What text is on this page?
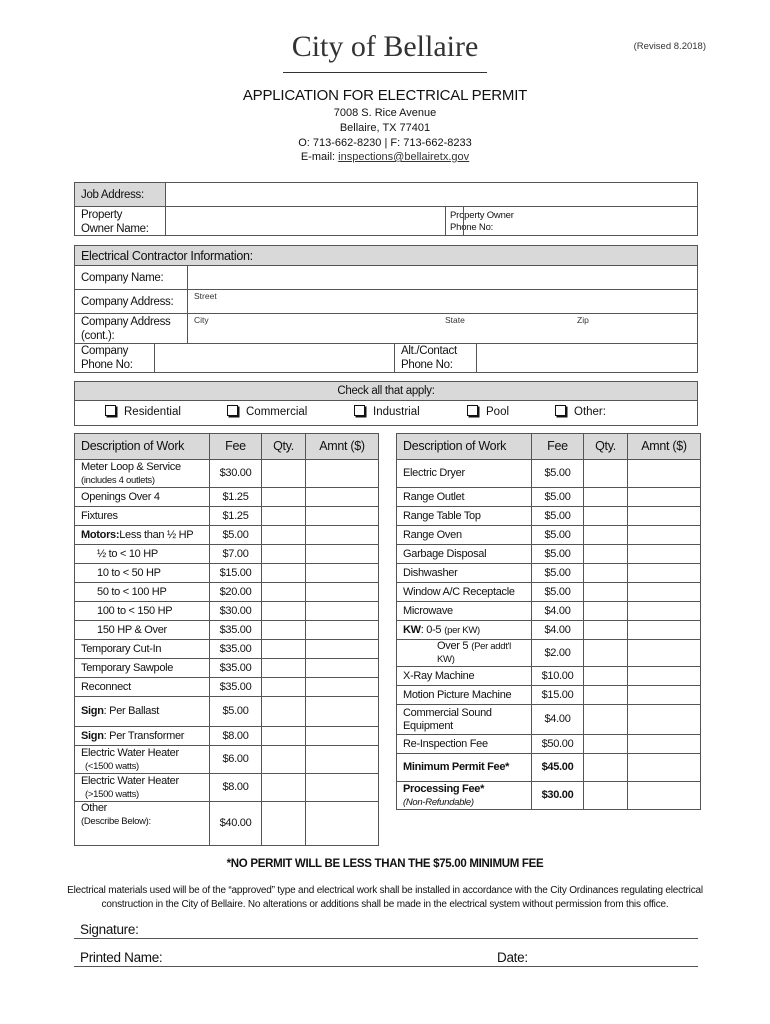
City of Bellaire	(Revised 8.2018)
APPLICATION FOR ELECTRICAL PERMIT
7008 S. Rice Avenue
Bellaire, TX 77401
O: 713-662-8230 | F: 713-662-8233
E-mail: inspections@bellairetx.gov
Job Address:
Property
Owner Name:
Property Owner
Phone No:
Electrical Contractor Information:
Company Name:
Company Address: Street
Company Address
(cont.):
City	State	Zip
Company
Phone No:
Alt./Contact
Phone No:
Check all that apply:
Residential	Commercial	Industrial	Pool	Other:
Description of Work	Fee	Qty.	Amnt ($)
Meter Loop & Service
(includes 4 outlets)	$30.00		
Openings Over 4	$1.25		
Fixtures	$1.25		
Motors:Less than ½ HP	$5.00		
½ to < 10 HP	$7.00		
10 to < 50 HP	$15.00		
50 to < 100 HP	$20.00		
100 to < 150 HP	$30.00		
150 HP & Over	$35.00		
Temporary Cut-In	$35.00		
Temporary Sawpole	$35.00		
Reconnect	$35.00		
Sign: Per Ballast	$5.00		
Sign: Per Transformer	$8.00		
Electric Water Heater
(<1500 watts)	$6.00		
Electric Water Heater
(>1500 watts)	$8.00		
Other
(Describe Below):	$40.00		
Description of Work	Fee	Qty.	Amnt ($)
Electric Dryer	$5.00		
Range Outlet	$5.00		
Range Table Top	$5.00		
Range Oven	$5.00		
Garbage Disposal	$5.00		
Dishwasher	$5.00		
Window A/C Receptacle	$5.00		
Microwave	$4.00		
KW: 0-5 (per KW)	$4.00		
Over 5 (Per addt'l KW)	$2.00		
X-Ray Machine	$10.00		
Motion Picture Machine	$15.00		
Commercial Sound
Equipment	$4.00		
Re-Inspection Fee	$50.00		
Minimum Permit Fee*	$45.00		
Processing Fee*
(Non-Refundable)	$30.00		
*NO PERMIT WILL BE LESS THAN THE $75.00 MINIMUM FEE
Electrical materials used will be of the “approved” type and electrical work shall be installed in accordance with the City Ordinances regulating electrical construction in the City of Bellaire. No alterations or additions shall be made in the electrical system without permission from this office.
Signature:
Printed Name:	Date:
